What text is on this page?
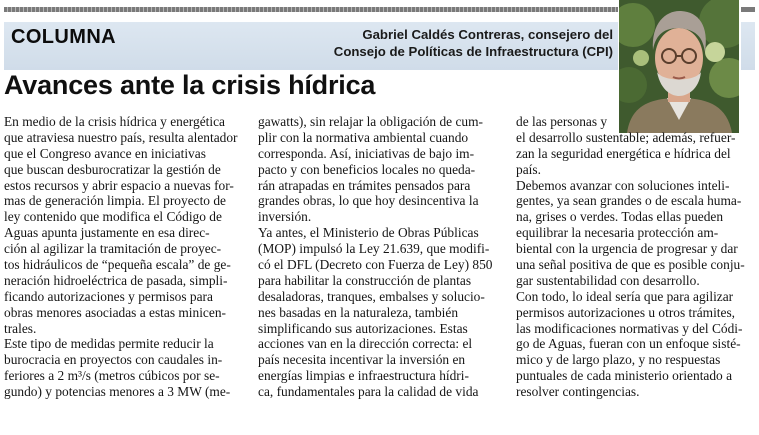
COLUMNA	Gabriel Caldés Contreras, consejero del
Consejo de Políticas de Infraestructura (CPI)
Avances ante la crisis hídrica
En medio de la crisis hídrica y energética
que atraviesa nuestro país, resulta alentador
que el Congreso avance en iniciativas
que buscan desburocratizar la gestión de
estos recursos y abrir espacio a nuevas for-
mas de generación limpia. El proyecto de
ley contenido que modifica el Código de
Aguas apunta justamente en esa direc-
ción al agilizar la tramitación de proyec-
tos hidráulicos de “pequeña escala” de ge-
neración hidroeléctrica de pasada, simpli-
ficando autorizaciones y permisos para
obras menores asociadas a estas minicen-
trales.
Este tipo de medidas permite reducir la
burocracia en proyectos con caudales in-
feriores a 2 m³/s (metros cúbicos por se-
gundo) y potencias menores a 3 MW (me-
gawatts), sin relajar la obligación de cum-
plir con la normativa ambiental cuando
corresponda. Así, iniciativas de bajo im-
pacto y con beneficios locales no queda-
rán atrapadas en trámites pensados para
grandes obras, lo que hoy desincentiva la
inversión.
Ya antes, el Ministerio de Obras Públicas
(MOP) impulsó la Ley 21.639, que modifi-
có el DFL (Decreto con Fuerza de Ley) 850
para habilitar la construcción de plantas
desaladoras, tranques, embalses y solucio-
nes basadas en la naturaleza, también
simplificando sus autorizaciones. Estas
acciones van en la dirección correcta: el
país necesita incentivar la inversión en
energías limpias e infraestructura hídri-
ca, fundamentales para la calidad de vida
de las personas y
el desarrollo sustentable; además, refuer-
zan la seguridad energética e hídrica del
país.
Debemos avanzar con soluciones inteli-
gentes, ya sean grandes o de escala huma-
na, grises o verdes. Todas ellas pueden
equilibrar la necesaria protección am-
biental con la urgencia de progresar y dar
una señal positiva de que es posible conju-
gar sustentabilidad con desarrollo.
Con todo, lo ideal sería que para agilizar
permisos autorizaciones u otros trámites,
las modificaciones normativas y del Códi-
go de Aguas, fueran con un enfoque sisté-
mico y de largo plazo, y no respuestas
puntuales de cada ministerio orientado a
resolver contingencias.
